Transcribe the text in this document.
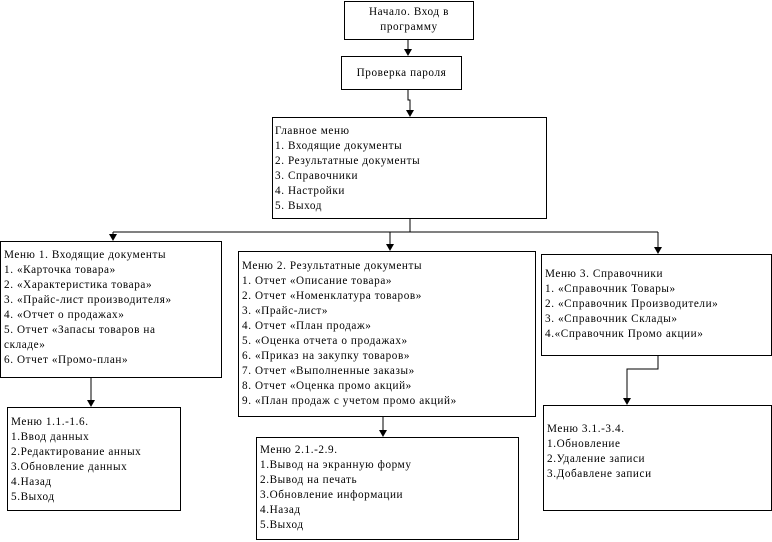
Начало. Вход в
программу
Проверка пароля
Главное меню
1. Входящие документы
2. Результатные документы
3. Справочники
4. Настройки
5. Выход
Меню 1. Входящие документы
1. «Карточка товара»
2. «Характеристика товара»
3. «Прайс-лист производителя»
4. «Отчет о продажах»
5. Отчет «Запасы товаров на
складе»
6. Отчет «Промо-план»
Меню 2. Результатные документы
1. Отчет «Описание товара»
2. Отчет «Номенклатура товаров»
3. «Прайс-лист»
4. Отчет «План продаж»
5. «Оценка отчета о продажах»
6. «Приказ на закупку товаров»
7. Отчет «Выполненные заказы»
8. Отчет «Оценка промо акций»
9. «План продаж с учетом промо акций»
Меню 3. Справочники
1. «Справочник Товары»
2. «Справочник Производители»
3. «Справочник Склады»
4.«Справочник Промо акции»
Меню 1.1.-1.6.
1.Ввод данных
2.Редактирование анных
3.Обновление данных
4.Назад
5.Выход
Меню 2.1.-2.9.
1.Вывод на экранную форму
2.Вывод на печать
3.Обновление информации
4.Назад
5.Выход
Меню 3.1.-3.4.
1.Обновление
2.Удаление записи
3.Добавлене записи
